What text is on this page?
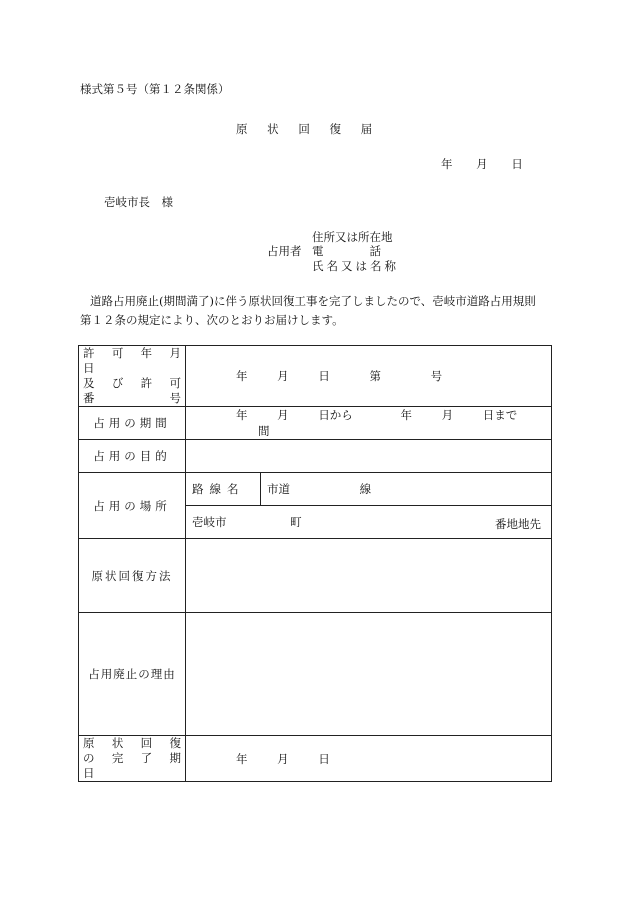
様式第５号（第１２条関係）
原 状 回 復 届
年 月 日
壱岐市長　様
住所又は所在地
占用者 電	話
氏名又は名称

道路占用廃止(期間満了)に伴う原状回復工事を完了しましたので、壱岐市道路占用規則

第１２条の規定により、次のとおりお届けします。

許　可　年　月　日
及　び　許　可　番　号	年 月 日 第 号	
占用の期間	年 月 日から 年 月 日まで 間	
占用の目的		
占用の場所	路線名	市道 線
	壱岐市 町 番地地先	

原状回復方法		
占用廃止の理由		

原　状　回　復
の　完　了　期　日	年 月 日	
